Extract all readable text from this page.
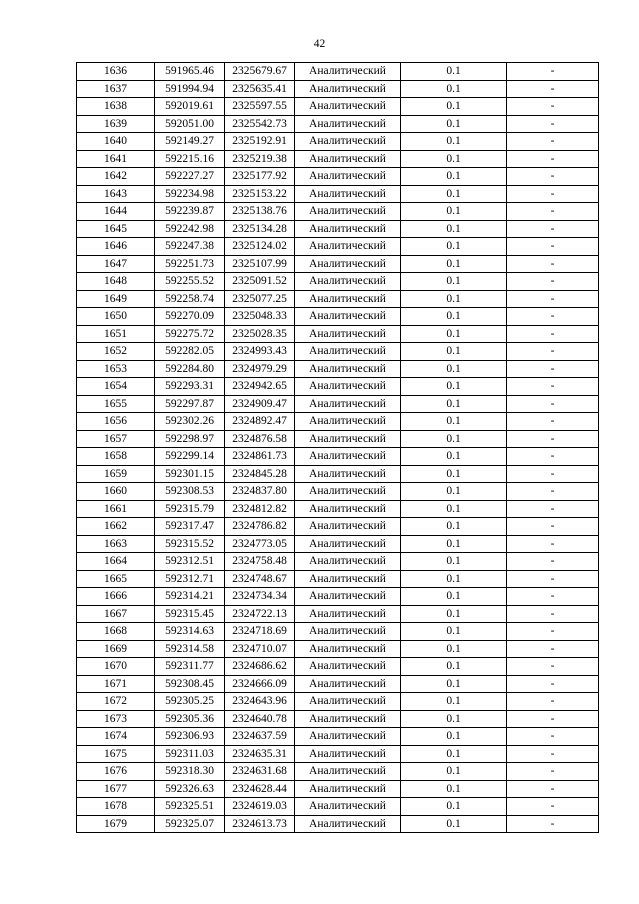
42
1636	591965.46	2325679.67	Аналитический	0.1	-
1637	591994.94	2325635.41	Аналитический	0.1	-
1638	592019.61	2325597.55	Аналитический	0.1	-
1639	592051.00	2325542.73	Аналитический	0.1	-
1640	592149.27	2325192.91	Аналитический	0.1	-
1641	592215.16	2325219.38	Аналитический	0.1	-
1642	592227.27	2325177.92	Аналитический	0.1	-
1643	592234.98	2325153.22	Аналитический	0.1	-
1644	592239.87	2325138.76	Аналитический	0.1	-
1645	592242.98	2325134.28	Аналитический	0.1	-
1646	592247.38	2325124.02	Аналитический	0.1	-
1647	592251.73	2325107.99	Аналитический	0.1	-
1648	592255.52	2325091.52	Аналитический	0.1	-
1649	592258.74	2325077.25	Аналитический	0.1	-
1650	592270.09	2325048.33	Аналитический	0.1	-
1651	592275.72	2325028.35	Аналитический	0.1	-
1652	592282.05	2324993.43	Аналитический	0.1	-
1653	592284.80	2324979.29	Аналитический	0.1	-
1654	592293.31	2324942.65	Аналитический	0.1	-
1655	592297.87	2324909.47	Аналитический	0.1	-
1656	592302.26	2324892.47	Аналитический	0.1	-
1657	592298.97	2324876.58	Аналитический	0.1	-
1658	592299.14	2324861.73	Аналитический	0.1	-
1659	592301.15	2324845.28	Аналитический	0.1	-
1660	592308.53	2324837.80	Аналитический	0.1	-
1661	592315.79	2324812.82	Аналитический	0.1	-
1662	592317.47	2324786.82	Аналитический	0.1	-
1663	592315.52	2324773.05	Аналитический	0.1	-
1664	592312.51	2324758.48	Аналитический	0.1	-
1665	592312.71	2324748.67	Аналитический	0.1	-
1666	592314.21	2324734.34	Аналитический	0.1	-
1667	592315.45	2324722.13	Аналитический	0.1	-
1668	592314.63	2324718.69	Аналитический	0.1	-
1669	592314.58	2324710.07	Аналитический	0.1	-
1670	592311.77	2324686.62	Аналитический	0.1	-
1671	592308.45	2324666.09	Аналитический	0.1	-
1672	592305.25	2324643.96	Аналитический	0.1	-
1673	592305.36	2324640.78	Аналитический	0.1	-
1674	592306.93	2324637.59	Аналитический	0.1	-
1675	592311.03	2324635.31	Аналитический	0.1	-
1676	592318.30	2324631.68	Аналитический	0.1	-
1677	592326.63	2324628.44	Аналитический	0.1	-
1678	592325.51	2324619.03	Аналитический	0.1	-
1679	592325.07	2324613.73	Аналитический	0.1	-
